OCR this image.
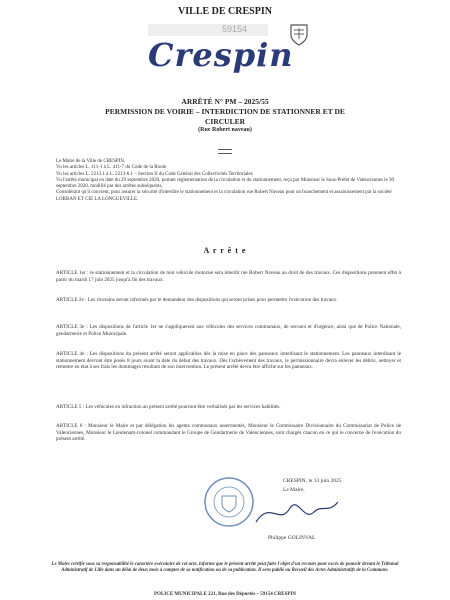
VILLE DE CRESPIN
59154
Crespin
ARRÊTÉ N° PM – 2025/55
PERMISSION DE VOIRIE – INTERDICTION DE STATIONNER ET DE
CIRCULER
(Rue Robert naveau)
Le Maire de la Ville de CRESPIN,
Vu les articles L. 111-1 à L. 411-7 du Code de la Route
Vu les articles L. 2213.1 à L. 2213-6.1 – Section II du Code Général des Collectivités Territoriales
Vu l'arrêté municipal en date du 29 septembre 2020, portant réglementation de la circulation et du stationnement, reçu par Monsieur le Sous-Préfet de Valenciennes le 30 septembre 2020, modifié par des arrêtés subséquents,
Considérant qu'il convient, pour assurer la sécurité d'interdire le stationnement et la circulation rue Robert Naveau pour un branchement et assainissement par la société LORBAN ET CIE LA LONGUEVILLE.
A r r ê t e
ARTICLE 1er : le stationnement et la circulation de tout véhicule motorisé sera interdit rue Robert Naveau au droit de des travaux. Ces dispositions prennent effet à partir du mardi 17 juin 2025 jusqu'à fin des travaux.
ARTICLE 2e : Les riverains seront informés par le demandeur des dispositions qui seront prises pour permettre l'exécution des travaux.
ARTICLE 3e : Les dispositions de l'article 1er ne s'appliqueront aux véhicules des services communaux, de secours et d'urgence, ainsi que de Police Nationale, gendarmerie et Police Municipale.
ARTICLE 4e : Les dispositions du présent arrêté seront applicables dès la mise en place des panneaux interdisant le stationnement. Les panneaux interdisant le stationnement devront être posés 8 jours avant la date du début des travaux. Dès l'achèvement des travaux, le permissionnaire devra enlever les débris, nettoyer et remettre en état à ses frais les dommages résultant de son intervention. Le présent arrêté devra être affiché sur les panneaux.
ARTICLE 5 : Les véhicules en infraction au présent arrêté pourront être verbalisés par les services habilités.
ARTICLE 6 : Monsieur le Maire et par délégation les agents communaux assermentés, Monsieur le Commissaire Divisionnaire du Commissariat de Police de Valenciennes, Monsieur le Lieutenant-colonel commandant le Groupe de Gendarmerie de Valenciennes, sont chargés chacun en ce qui le concerne de l'exécution du présent arrêté.
CRESPIN, le 13 juin 2025
Le Maire,
Philippe GOLINVAL
Le Maire certifie sous sa responsabilité le caractère exécutoire de cet acte, informe que le présent arrêté peut faire l'objet d'un recours pour excès de pouvoir devant le Tribunal Administratif de Lille dans un délai de deux mois à compter de sa notification ou de sa publication. Il sera publié au Recueil des Actes Administratifs de la Commune.
POLICE MUNICIPALE 221, Rue des Déportés – 59154 CRESPIN
